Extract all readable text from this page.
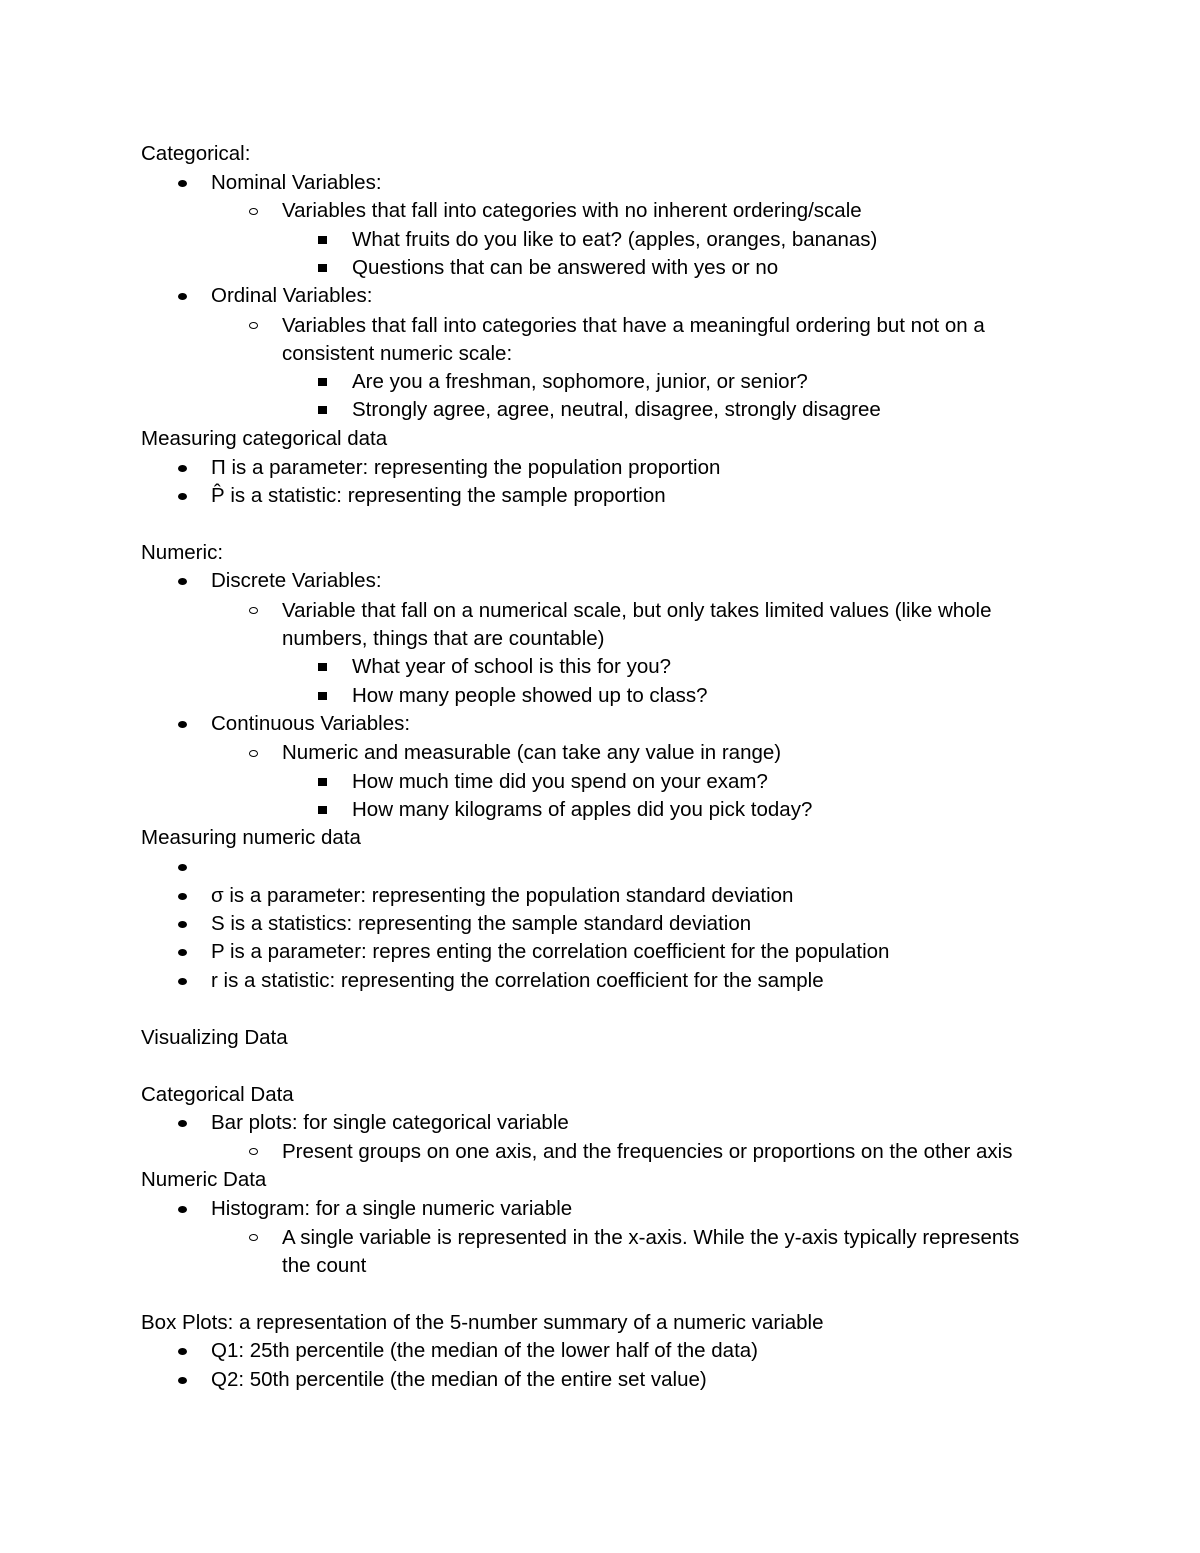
Categorical:
Nominal Variables:
Variables that fall into categories with no inherent ordering/scale
What fruits do you like to eat? (apples, oranges, bananas)
Questions that can be answered with yes or no
Ordinal Variables:
Variables that fall into categories that have a meaningful ordering but not on a
consistent numeric scale:
Are you a freshman, sophomore, junior, or senior?
Strongly agree, agree, neutral, disagree, strongly disagree
Measuring categorical data
Π is a parameter: representing the population proportion
P̂ is a statistic: representing the sample proportion
Numeric:
Discrete Variables:
Variable that fall on a numerical scale, but only takes limited values (like whole
numbers, things that are countable)
What year of school is this for you?
How many people showed up to class?
Continuous Variables:
Numeric and measurable (can take any value in range)
How much time did you spend on your exam?
How many kilograms of apples did you pick today?
Measuring numeric data
σ is a parameter: representing the population standard deviation
S is a statistics: representing the sample standard deviation
P is a parameter: repres enting the correlation coefficient for the population
r is a statistic: representing the correlation coefficient for the sample
Visualizing Data
Categorical Data
Bar plots: for single categorical variable
Present groups on one axis, and the frequencies or proportions on the other axis
Numeric Data
Histogram: for a single numeric variable
A single variable is represented in the x-axis. While the y-axis typically represents
the count
Box Plots: a representation of the 5-number summary of a numeric variable
Q1: 25th percentile (the median of the lower half of the data)
Q2: 50th percentile (the median of the entire set value)
